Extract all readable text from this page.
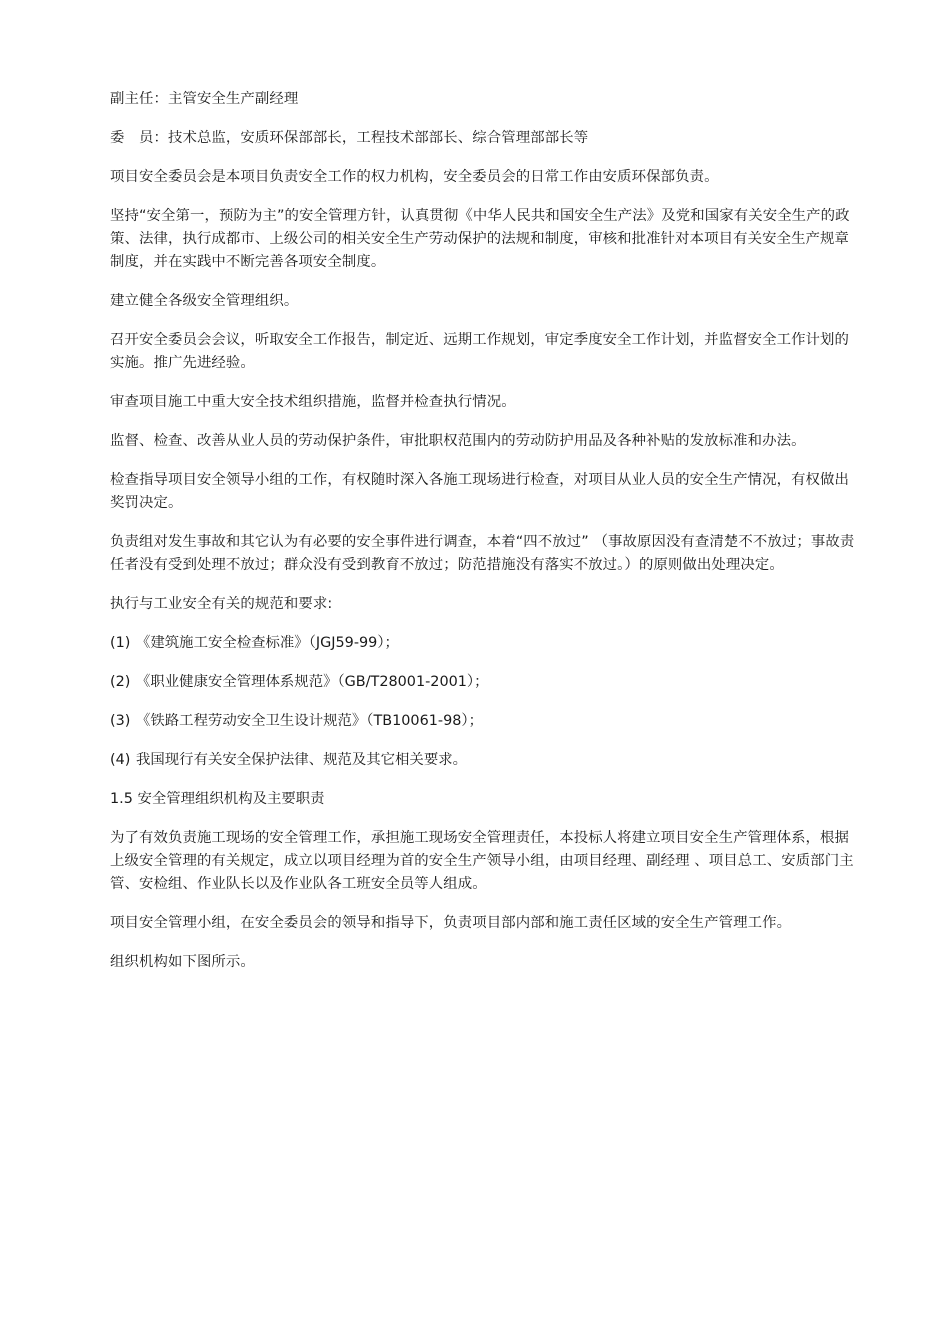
副主任：主管安全生产副经理

委　员：技术总监，安质环保部部长，工程技术部部长、综合管理部部长等

项目安全委员会是本项目负责安全工作的权力机构，安全委员会的日常工作由安质环保部负责。

坚持“安全第一，预防为主”的安全管理方针，认真贯彻《中华人民共和国安全生产法》及党和国家有关安全生产的政策、法律，执行成都市、上级公司的相关安全生产劳动保护的法规和制度，审核和批准针对本项目有关安全生产规章制度，并在实践中不断完善各项安全制度。

建立健全各级安全管理组织。

召开安全委员会会议，听取安全工作报告，制定近、远期工作规划，审定季度安全工作计划，并监督安全工作计划的实施。推广先进经验。

审查项目施工中重大安全技术组织措施，监督并检查执行情况。

监督、检查、改善从业人员的劳动保护条件，审批职权范围内的劳动防护用品及各种补贴的发放标准和办法。

检查指导项目安全领导小组的工作，有权随时深入各施工现场进行检查，对项目从业人员的安全生产情况，有权做出奖罚决定。

负责组对发生事故和其它认为有必要的安全事件进行调查，本着“四不放过” （事故原因没有查清楚不不放过；事故责任者没有受到处理不放过；群众没有受到教育不放过；防范措施没有落实不放过。）的原则做出处理决定。

执行与工业安全有关的规范和要求:

(1) 《建筑施工安全检查标准》（JGJ59-99）；
(2) 《职业健康安全管理体系规范》（GB/T28001-2001）；
(3) 《铁路工程劳动安全卫生设计规范》（TB10061-98）；
(4) 我国现行有关安全保护法律、规范及其它相关要求。

1.5 安全管理组织机构及主要职责

为了有效负责施工现场的安全管理工作，承担施工现场安全管理责任，本投标人将建立项目安全生产管理体系，根据上级安全管理的有关规定，成立以项目经理为首的安全生产领导小组，由项目经理、副经理 、项目总工、安质部门主管、安检组、作业队长以及作业队各工班安全员等人组成。

项目安全管理小组，在安全委员会的领导和指导下，负责项目部内部和施工责任区域的安全生产管理工作。

组织机构如下图所示。
